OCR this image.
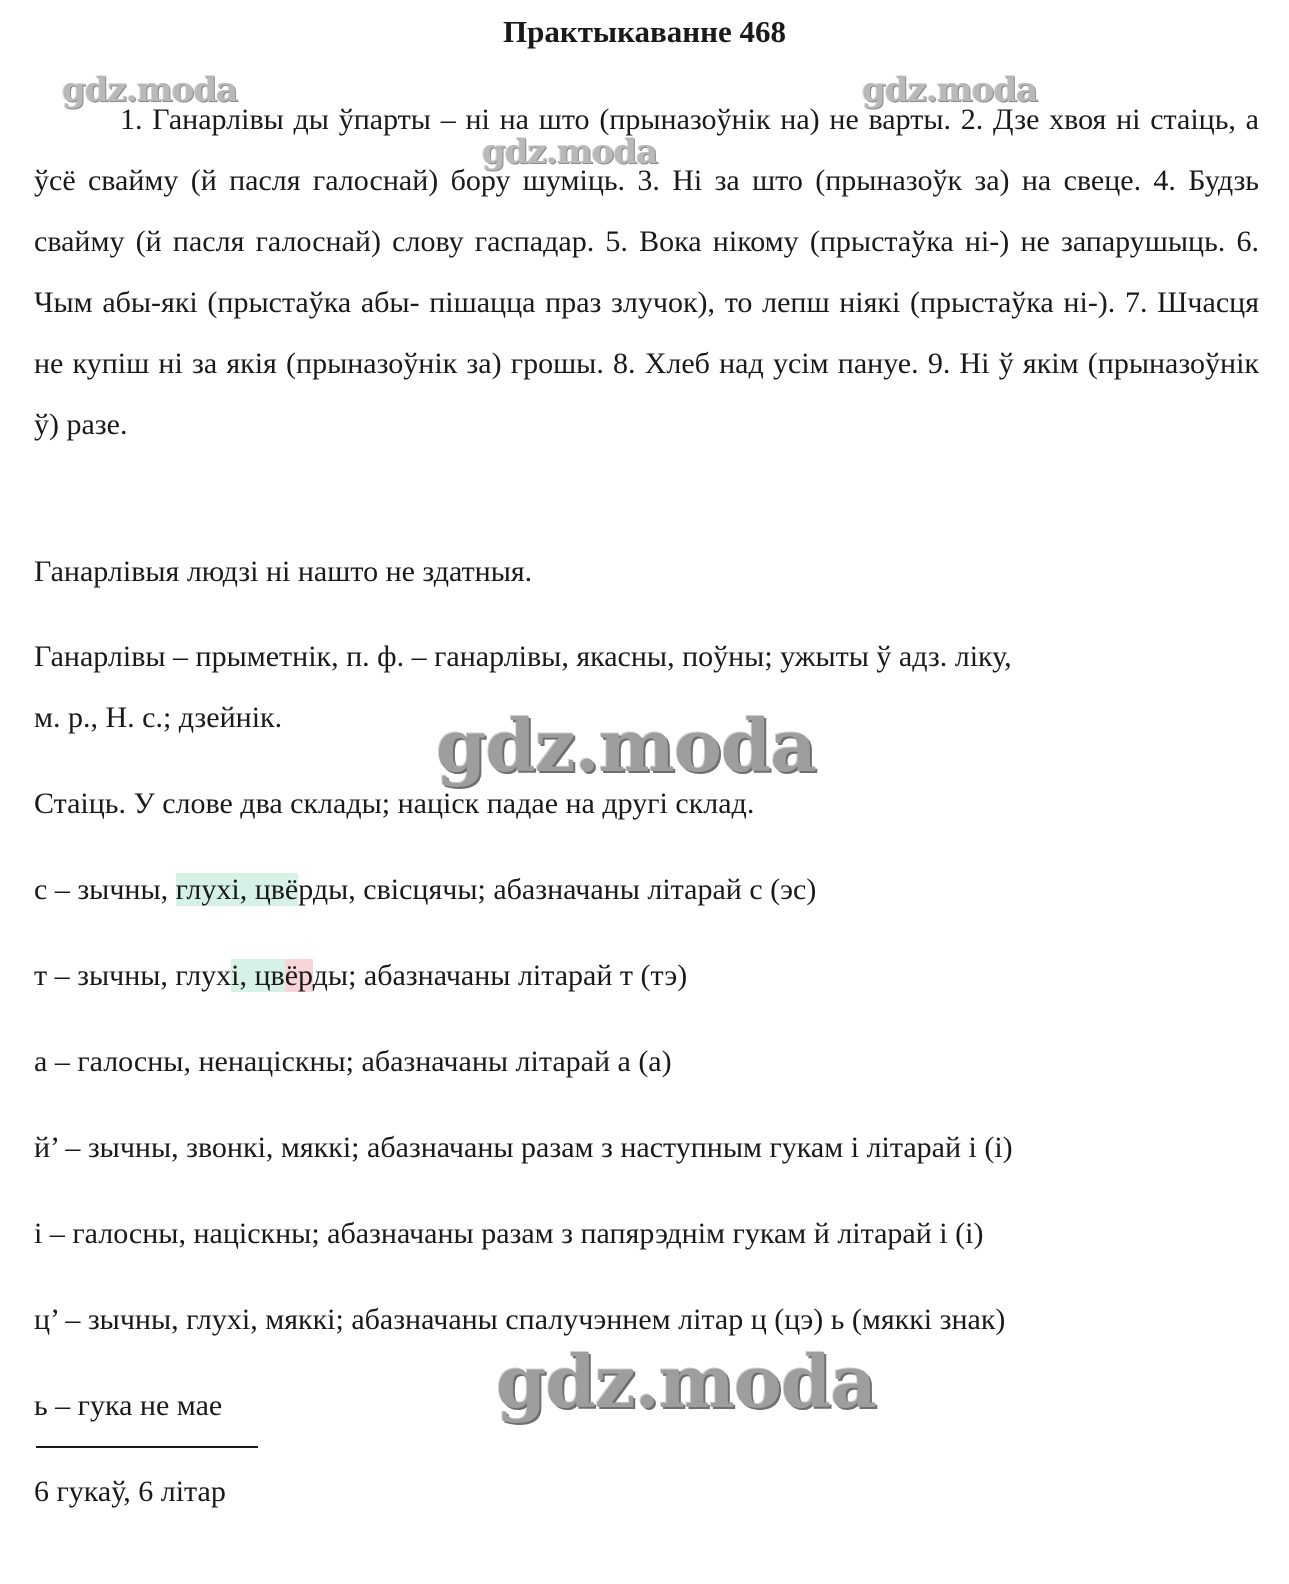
Практыкаванне 468

1. Ганарлівы ды ўпарты – ні на што (прыназоўнік на) не варты. 2. Дзе хвоя ні стаіць, а ўсё свайму (й пасля галоснай) бору шуміць. 3. Ні за што (прыназоўк за) на свеце. 4. Будзь свайму (й пасля галоснай) слову гаспадар. 5. Вока нікому (прыстаўка ні-) не запарушыць. 6. Чым абы-які (прыстаўка абы- пішацца праз злучок), то лепш ніякі (прыстаўка ні-). 7. Шчасця не купіш ні за якія (прыназоўнік за) грошы. 8. Хлеб над усім пануе. 9. Ні ў якім (прыназоўнік ў) разе.

Ганарлівыя людзі ні нашто не здатныя.
Ганарлівы – прыметнік, п. ф. – ганарлівы, якасны, поўны; ужыты ў адз. ліку,
м. р., Н. с.; дзейнік.
Стаіць. У слове два склады; націск падае на другі склад.
с – зычны, глухі, цвёрды, свісцячы; абазначаны літарай с (эс)
т – зычны, глухі, цвёрды; абазначаны літарай т (тэ)
а – галосны, ненаціскны; абазначаны літарай а (а)
й’ – зычны, звонкі, мяккі; абазначаны разам з наступным гукам і літарай і (і)
і – галосны, націскны; абазначаны разам з папярэднім гукам й літарай і (і)
ц’ – зычны, глухі, мяккі; абазначаны спалучэннем літар ц (цэ) ь (мяккі знак)
ь – гука не мае
6 гукаў, 6 літар
gdz.moda	gdz.moda
gdz.moda
gdz.moda
gdz.moda
